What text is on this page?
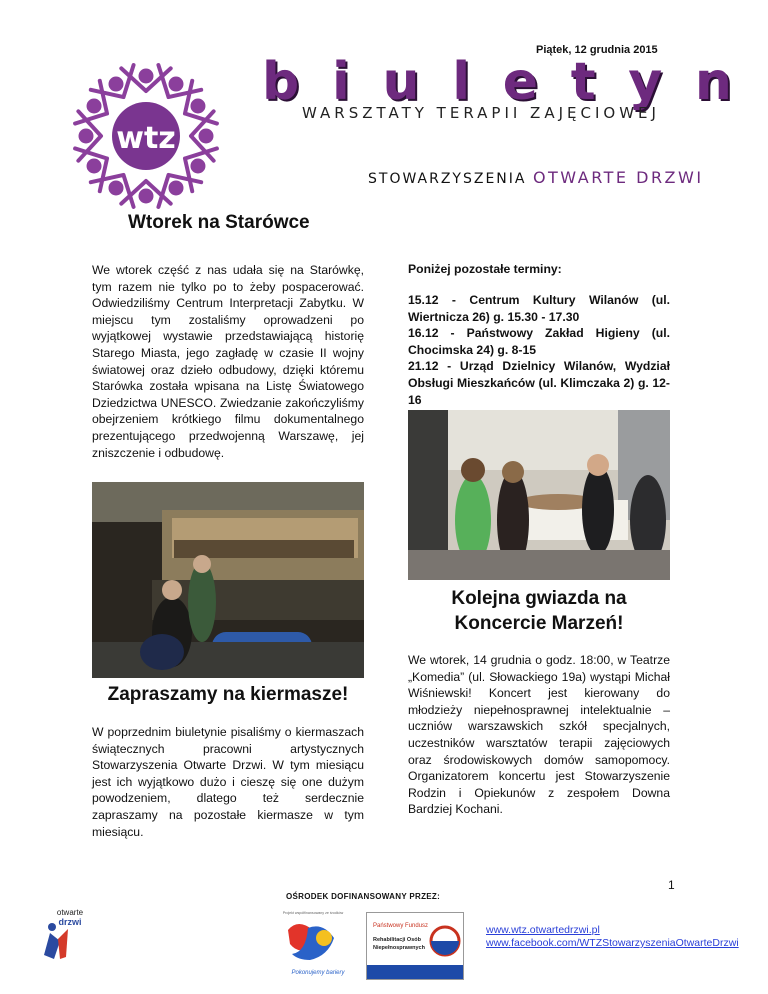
Piątek, 12 grudnia 2015
wtz
b i u l e t y n
WARSZTATY TERAPII ZAJĘCIOWEJ
STOWARZYSZENIA OTWARTE DRZWI
Wtorek na Starówce

We wtorek część z nas udała się na Starówkę, tym razem nie tylko po to żeby pospacerować. Odwiedziliśmy Centrum Interpretacji Zabytku. W miejscu tym zostaliśmy oprowadzeni po wyjątkowej wystawie przedstawiającą historię Starego Miasta, jego zagładę w czasie II wojny światowej oraz dzieło odbudowy, dzięki któremu Starówka została wpisana na Listę Światowego Dziedzictwa UNESCO. Zwiedzanie zakończyliśmy obejrzeniem krótkiego filmu dokumentalnego prezentującego przedwojenną Warszawę, jej zniszczenie i odbudowę.

Zapraszamy na kiermasze!

W poprzednim biuletynie pisaliśmy o kiermaszach świątecznych pracowni artystycznych Stowarzyszenia Otwarte Drzwi. W tym miesiącu jest ich wyjątkowo dużo i cieszę się one dużym powodzeniem, dlatego też serdecznie zapraszamy na pozostałe kiermasze w tym miesiącu.

Poniżej pozostałe terminy:

15.12 - Centrum Kultury Wilanów (ul. Wiertnicza 26) g. 15.30 - 17.30

16.12 - Państwowy Zakład Higieny (ul. Chocimska 24) g. 8-15

21.12 - Urząd Dzielnicy Wilanów, Wydział Obsługi Mieszkańców (ul. Klimczaka 2) g. 12-16

Kolejna gwiazda na
Koncercie Marzeń!

We wtorek, 14 grudnia o godz. 18:00, w Teatrze „Komedia” (ul. Słowackiego 19a) wystąpi Michał Wiśniewski! Koncert jest kierowany do młodzieży niepełnosprawnej intelektualnie – uczniów warszawskich szkół specjalnych, uczestników warsztatów terapii zajęciowych oraz środowiskowych domów samopomocy. Organizatorem koncertu jest Stowarzyszenie Rodzin i Opiekunów z zespołem Downa Bardziej Kochani.

OŚRODEK DOFINANSOWANY PRZEZ:
1
otwarte
drzwi
Projekt współfinansowany ze środków
Pokonujemy bariery
Państwowy Fundusz
Rehabilitacji Osób
Niepełnosprawnych
www.wtz.otwartedrzwi.pl
www.facebook.com/WTZStowarzyszeniaOtwarteDrzwi
